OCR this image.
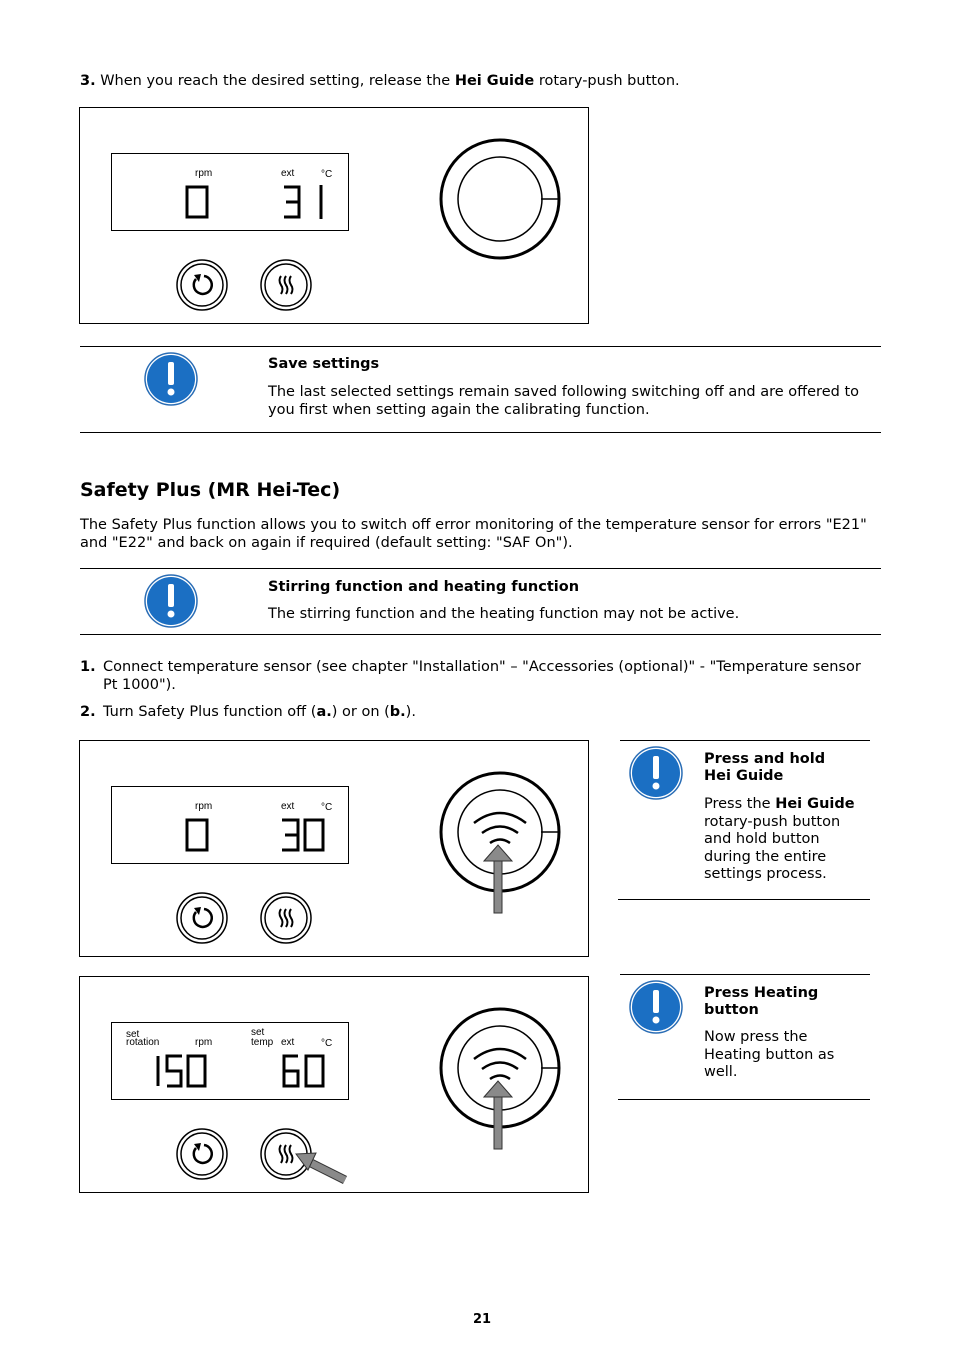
3. When you reach the desired setting, release the Hei Guide rotary-push button.

rpm	ext	°C

Save settings

The last selected settings remain saved following switching off and are offered to you first when setting again the calibrating function.

Safety Plus (MR Hei-Tec)

The Safety Plus function allows you to switch off error monitoring of the temperature sensor for errors "E21" and "E22" and back on again if required (default setting: "SAF On").

Stirring function and heating function

The stirring function and the heating function may not be active.

1. Connect temperature sensor (see chapter "Installation" – "Accessories (optional)" - "Temperature sensor Pt 1000").

2. Turn Safety Plus function off (a.) or on (b.).

rpm	ext	°C

Press and hold

Hei Guide

Press the Hei Guide rotary-push button and hold button during the entire settings process.

set
rotation	rpm
set
temp ext	°C

Press Heating

button

Now press the Heating button as well.

21
